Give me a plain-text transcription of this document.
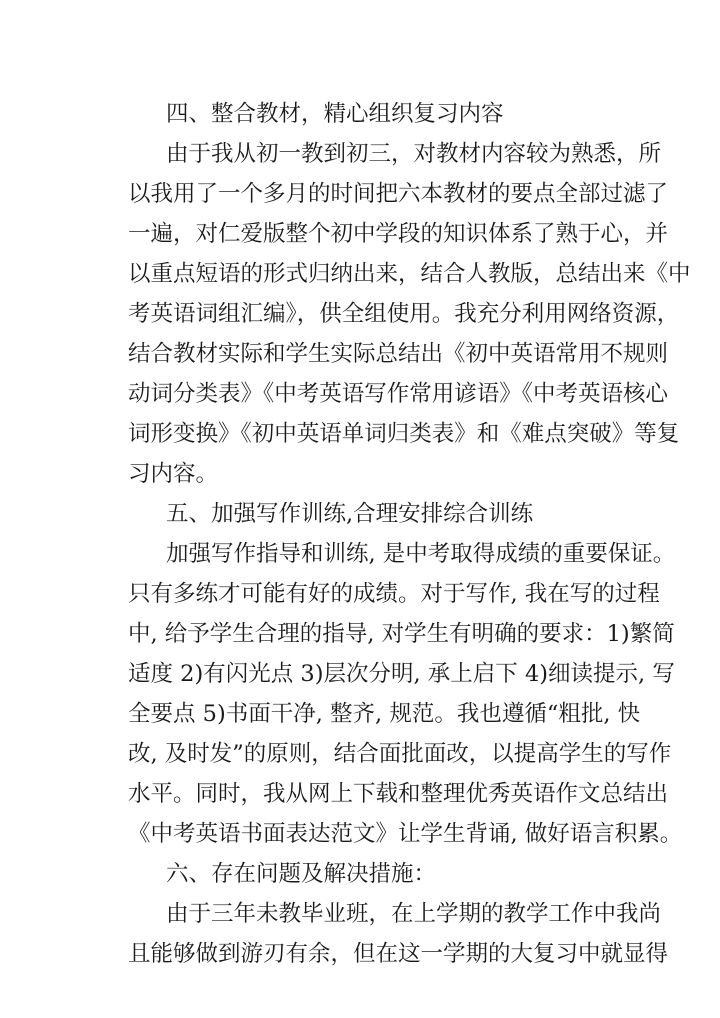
四、整合教材，精心组织复习内容
由于我从初一教到初三，对教材内容较为熟悉，所
以我用了一个多月的时间把六本教材的要点全部过滤了
一遍，对仁爱版整个初中学段的知识体系了熟于心，并
以重点短语的形式归纳出来，结合人教版，总结出来《中
考英语词组汇编》，供全组使用。我充分利用网络资源，
结合教材实际和学生实际总结出《初中英语常用不规则
动词分类表》《中考英语写作常用谚语》《中考英语核心
词形变换》《初中英语单词归类表》和《难点突破》等复
习内容。
五、加强写作训练,合理安排综合训练
加强写作指导和训练, 是中考取得成绩的重要保证。
只有多练才可能有好的成绩。对于写作, 我在写的过程
中, 给予学生合理的指导, 对学生有明确的要求：1)繁简
适度 2)有闪光点 3)层次分明, 承上启下 4)细读提示, 写
全要点 5)书面干净, 整齐, 规范。我也遵循“粗批, 快
改, 及时发”的原则，结合面批面改，以提高学生的写作
水平。同时，我从网上下载和整理优秀英语作文总结出
《中考英语书面表达范文》让学生背诵, 做好语言积累。
六、存在问题及解决措施：
由于三年未教毕业班，在上学期的教学工作中我尚
且能够做到游刃有余，但在这一学期的大复习中就显得
